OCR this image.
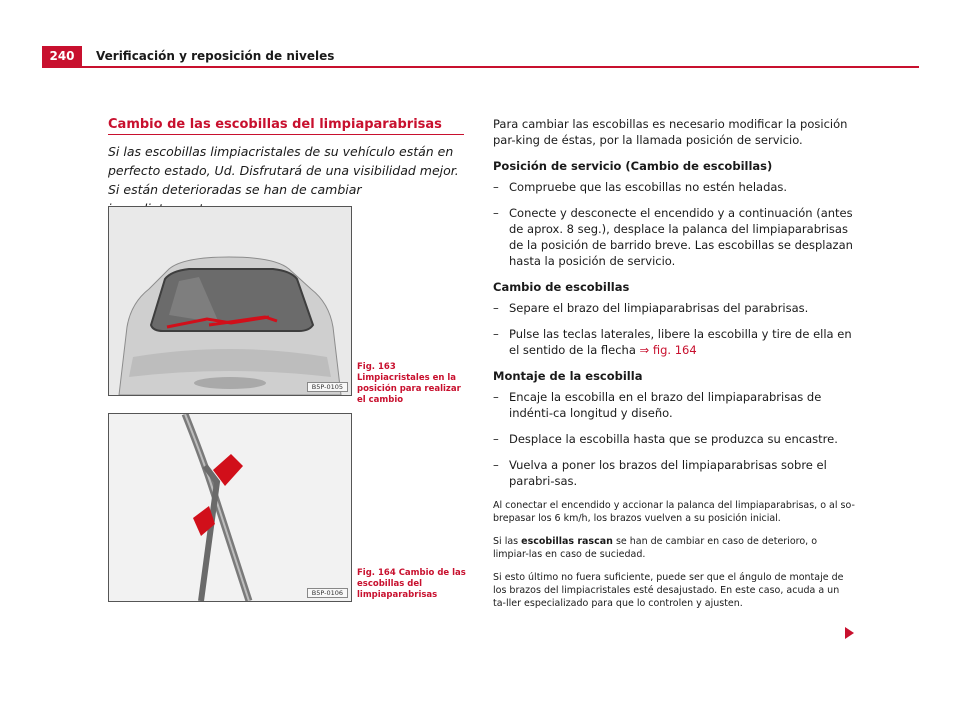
240	Verificación y reposición de niveles
Cambio de las escobillas del limpiaparabrisas
Si las escobillas limpiacristales de su vehículo están en perfecto estado, Ud. Disfrutará de una visibilidad mejor. Si están deterioradas se han de cambiar
B5P-0105
Fig. 163 Limpiacristales en la posición para realizar el cambio
B5P-0106
Fig. 164 Cambio de las escobillas del limpiaparabrisas

Para cambiar las escobillas es necesario modificar la posición par-king de éstas, por la llamada posición de servicio.

Posición de servicio (Cambio de escobillas)
– Compruebe que las escobillas no estén heladas.
– Conecte y desconecte el encendido y a continuación (antes de aprox. 8 seg.), desplace la palanca del limpiaparabrisas de la posición de barrido breve. Las escobillas se desplazan hasta la posición de servicio.
Cambio de escobillas
– Separe el brazo del limpiaparabrisas del parabrisas.
– Pulse las teclas laterales, libere la escobilla y tire de ella en el sentido de la flecha ⇒ fig. 164
Montaje de la escobilla
– Encaje la escobilla en el brazo del limpiaparabrisas de indénti-ca longitud y diseño.
– Desplace la escobilla hasta que se produzca su encastre.
– Vuelva a poner los brazos del limpiaparabrisas sobre el parabri-sas.

Al conectar el encendido y accionar la palanca del limpiaparabrisas, o al so-brepasar los 6 km/h, los brazos vuelven a su posición inicial.

Si las escobillas rascan se han de cambiar en caso de deterioro, o limpiar-las en caso de suciedad.

Si esto último no fuera suficiente, puede ser que el ángulo de montaje de los brazos del limpiacristales esté desajustado. En este caso, acuda a un ta-ller especializado para que lo controlen y ajusten.
